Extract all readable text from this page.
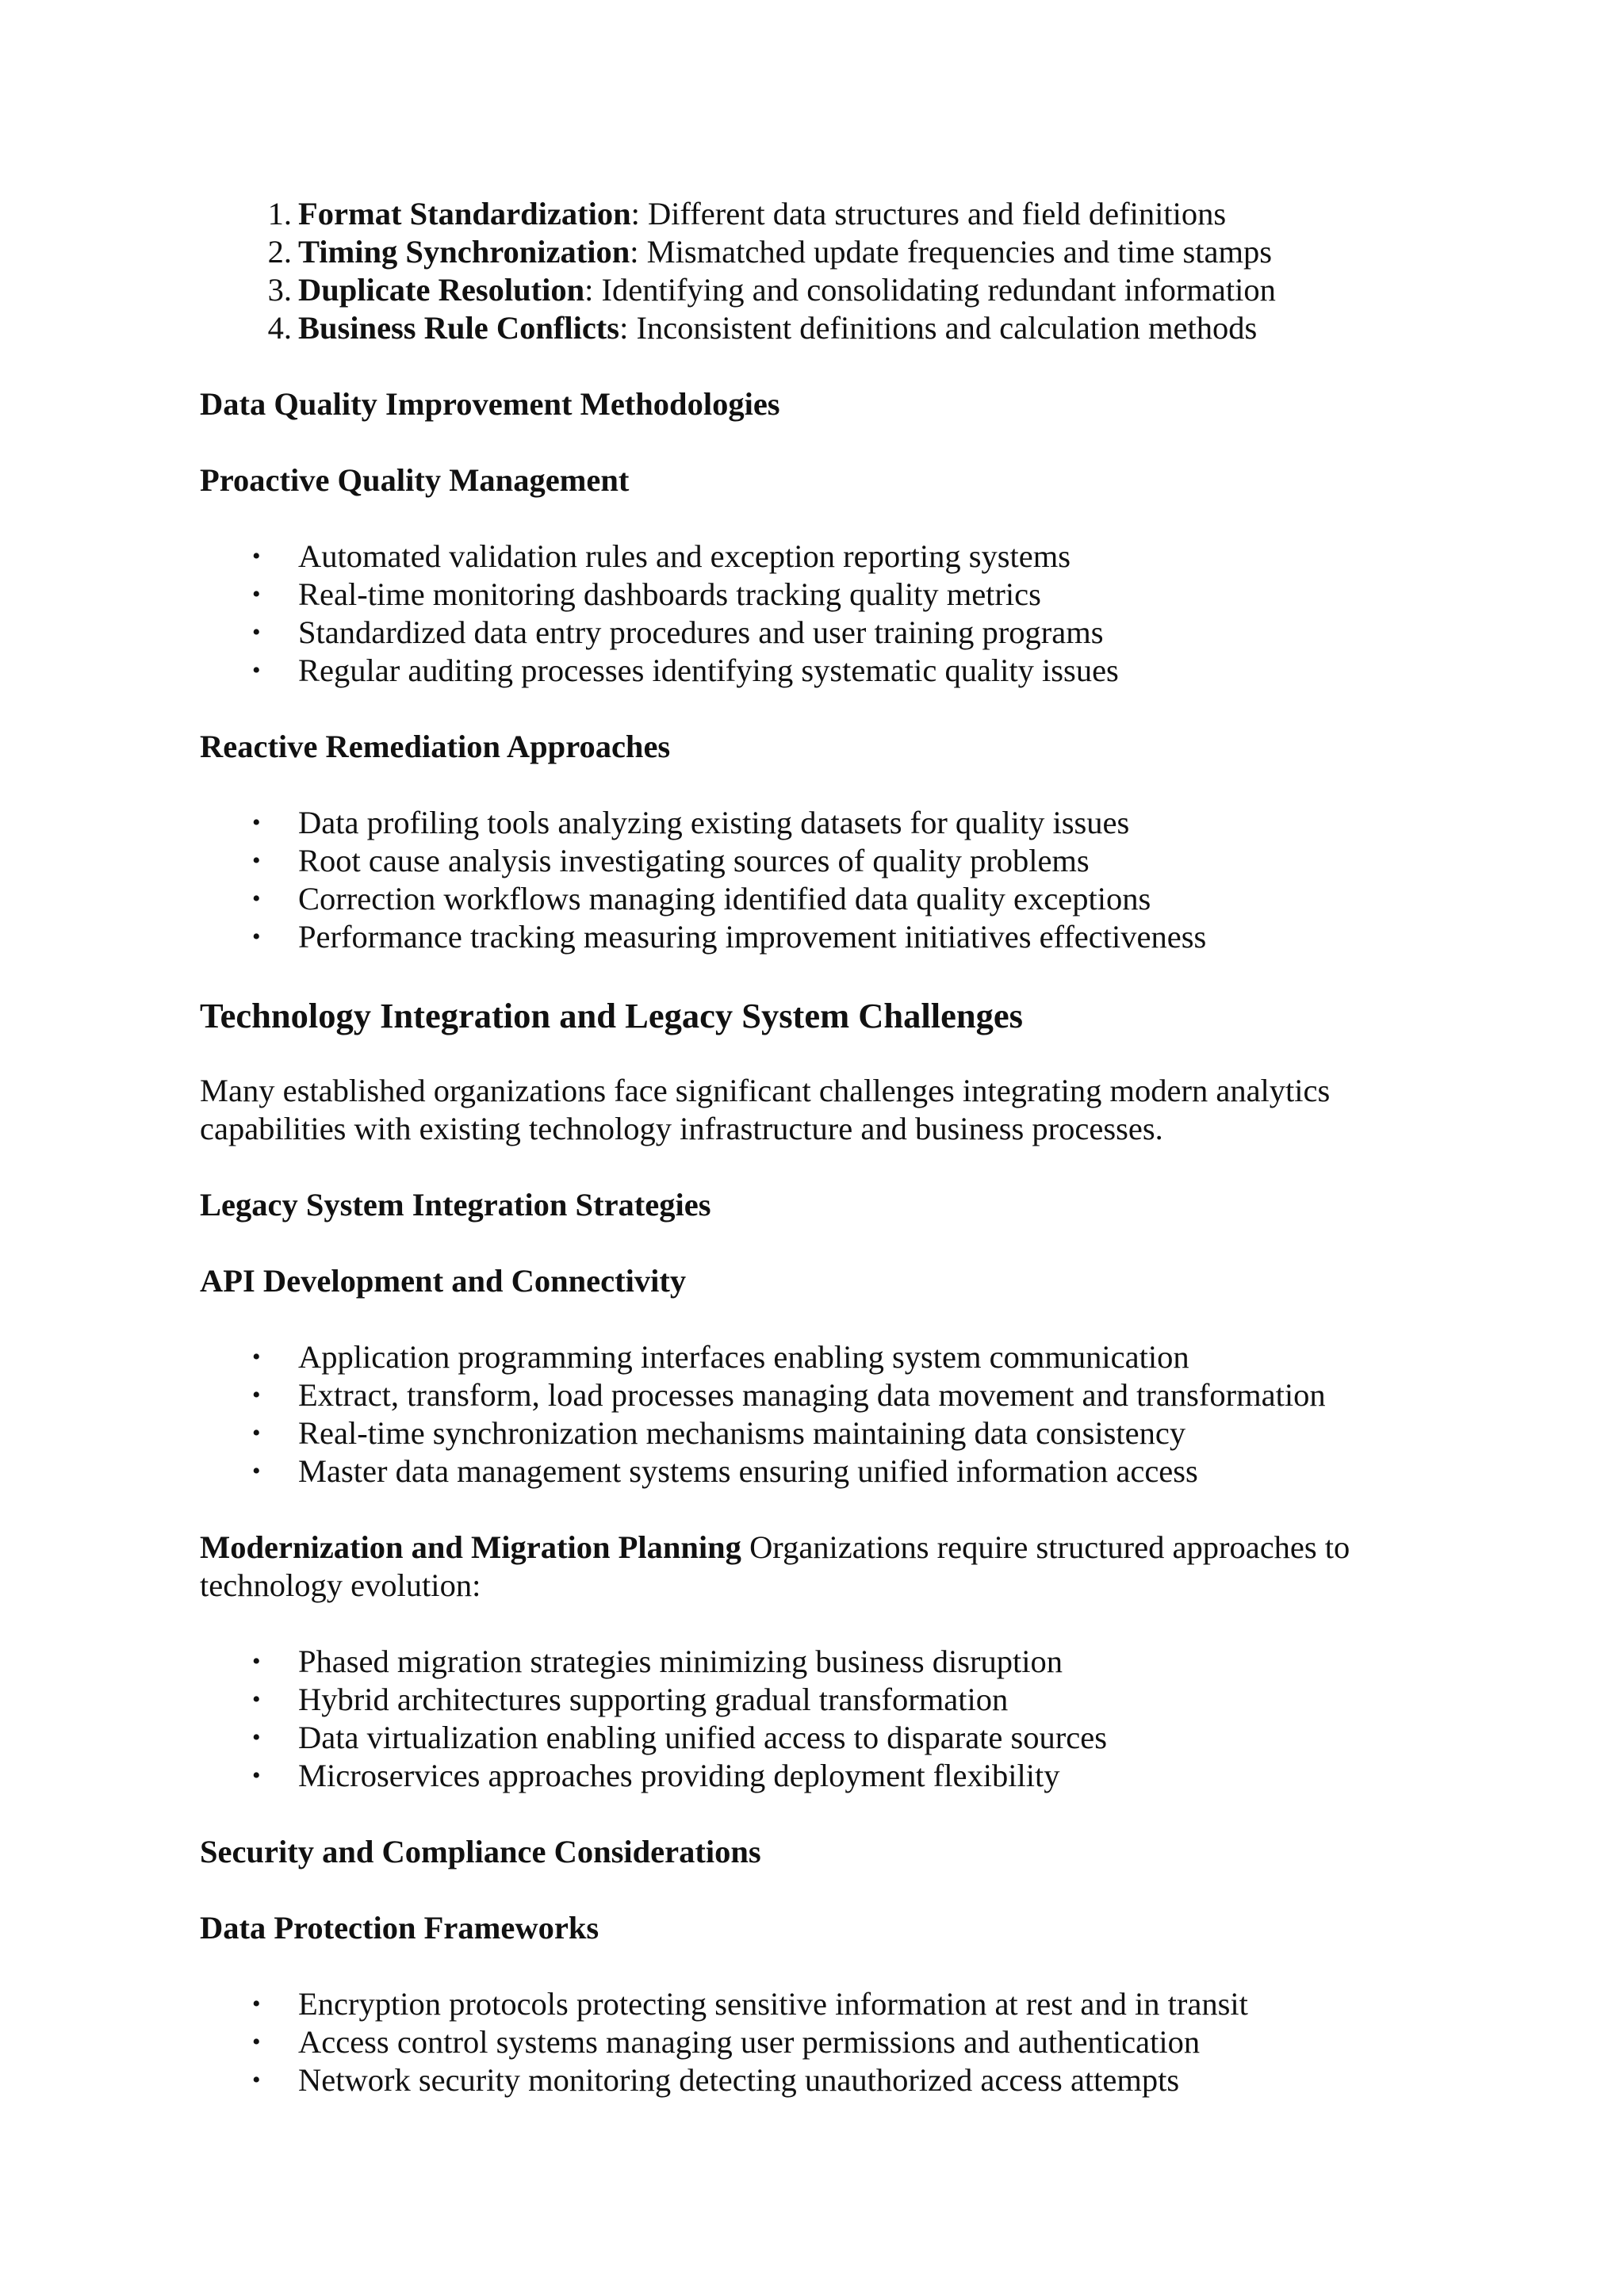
1. Format Standardization: Different data structures and field definitions
2. Timing Synchronization: Mismatched update frequencies and time stamps
3. Duplicate Resolution: Identifying and consolidating redundant information
4. Business Rule Conflicts: Inconsistent definitions and calculation methods

Data Quality Improvement Methodologies

Proactive Quality Management

• Automated validation rules and exception reporting systems
• Real-time monitoring dashboards tracking quality metrics
• Standardized data entry procedures and user training programs
• Regular auditing processes identifying systematic quality issues

Reactive Remediation Approaches

• Data profiling tools analyzing existing datasets for quality issues
• Root cause analysis investigating sources of quality problems
• Correction workflows managing identified data quality exceptions
• Performance tracking measuring improvement initiatives effectiveness

Technology Integration and Legacy System Challenges

Many established organizations face significant challenges integrating modern analytics capabilities with existing technology infrastructure and business processes.

Legacy System Integration Strategies

API Development and Connectivity

• Application programming interfaces enabling system communication
• Extract, transform, load processes managing data movement and transformation
• Real-time synchronization mechanisms maintaining data consistency
• Master data management systems ensuring unified information access

Modernization and Migration Planning Organizations require structured approaches to technology evolution:

• Phased migration strategies minimizing business disruption
• Hybrid architectures supporting gradual transformation
• Data virtualization enabling unified access to disparate sources
• Microservices approaches providing deployment flexibility

Security and Compliance Considerations

Data Protection Frameworks

• Encryption protocols protecting sensitive information at rest and in transit
• Access control systems managing user permissions and authentication
• Network security monitoring detecting unauthorized access attempts
